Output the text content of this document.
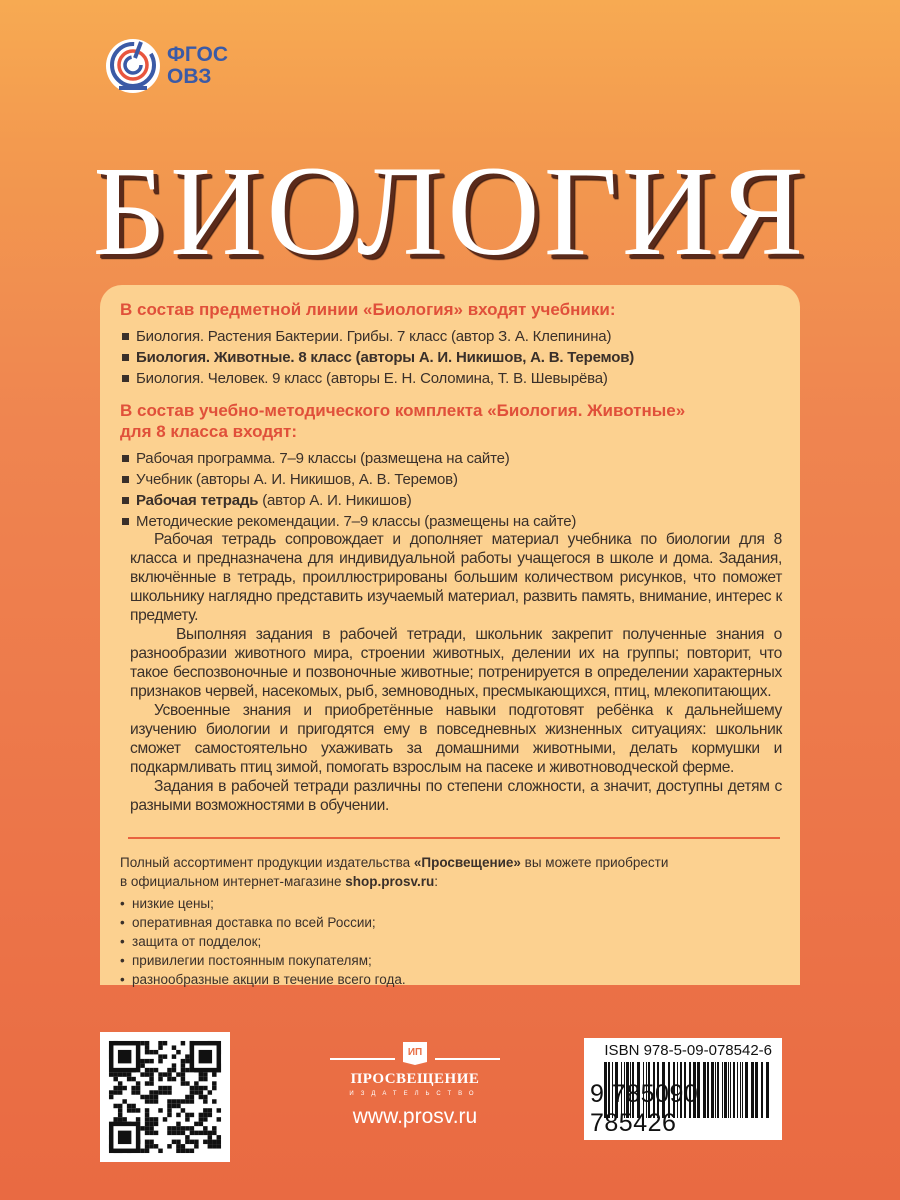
ФГОС
ОВЗ
БИОЛОГИЯ
В состав предметной линии «Биология» входят учебники:
Биология. Растения Бактерии. Грибы. 7 класс (автор З. А. Клепинина)
Биология. Животные. 8 класс (авторы А. И. Никишов, А. В. Теремов)
Биология. Человек. 9 класс (авторы Е. Н. Соломина, Т. В. Шевырёва)
В состав учебно-методического комплекта «Биология. Животные»
для 8 класса входят:
Рабочая программа. 7–9 классы (размещена на сайте)
Учебник (авторы А. И. Никишов, А. В. Теремов)
Рабочая тетрадь (автор А. И. Никишов)
Методические рекомендации. 7–9 классы (размещены на сайте)

Рабочая тетрадь сопровождает и дополняет материал учебника по биологии для 8 класса и предназначена для индивидуальной работы учащегося в школе и дома. Задания, включённые в тетрадь, проиллюстрированы большим количеством рисунков, что поможет школьнику наглядно представить изучаемый материал, развить память, внимание, интерес к предмету.

Выполняя задания в рабочей тетради, школьник закрепит полученные знания о разнообразии животного мира, строении животных, делении их на группы; повторит, что такое беспозвоночные и позвоночные животные; потренируется в определении характерных признаков червей, насекомых, рыб, земноводных, пресмыкающихся, птиц, млекопитающих.

Усвоенные знания и приобретённые навыки подготовят ребёнка к дальнейшему изучению биологии и пригодятся ему в повседневных жизненных ситуациях: школьник сможет самостоятельно ухаживать за домашними животными, делать кормушки и подкармливать птиц зимой, помогать взрослым на пасеке и животноводческой ферме.

Задания в рабочей тетради различны по степени сложности, а значит, доступны детям с разными возможностями в обучении.

Полный ассортимент продукции издательства «Просвещение» вы можете приобрести
в официальном интернет-магазине shop.prosv.ru:
• низкие цены;
• оперативная доставка по всей России;
• защита от подделок;
• привилегии постоянным покупателям;
• разнообразные акции в течение всего года.
ИП
ПРОСВЕЩЕНИЕ
ИЗДАТЕЛЬСТВО
www.prosv.ru
ISBN 978-5-09-078542-6
9 785090 785426
